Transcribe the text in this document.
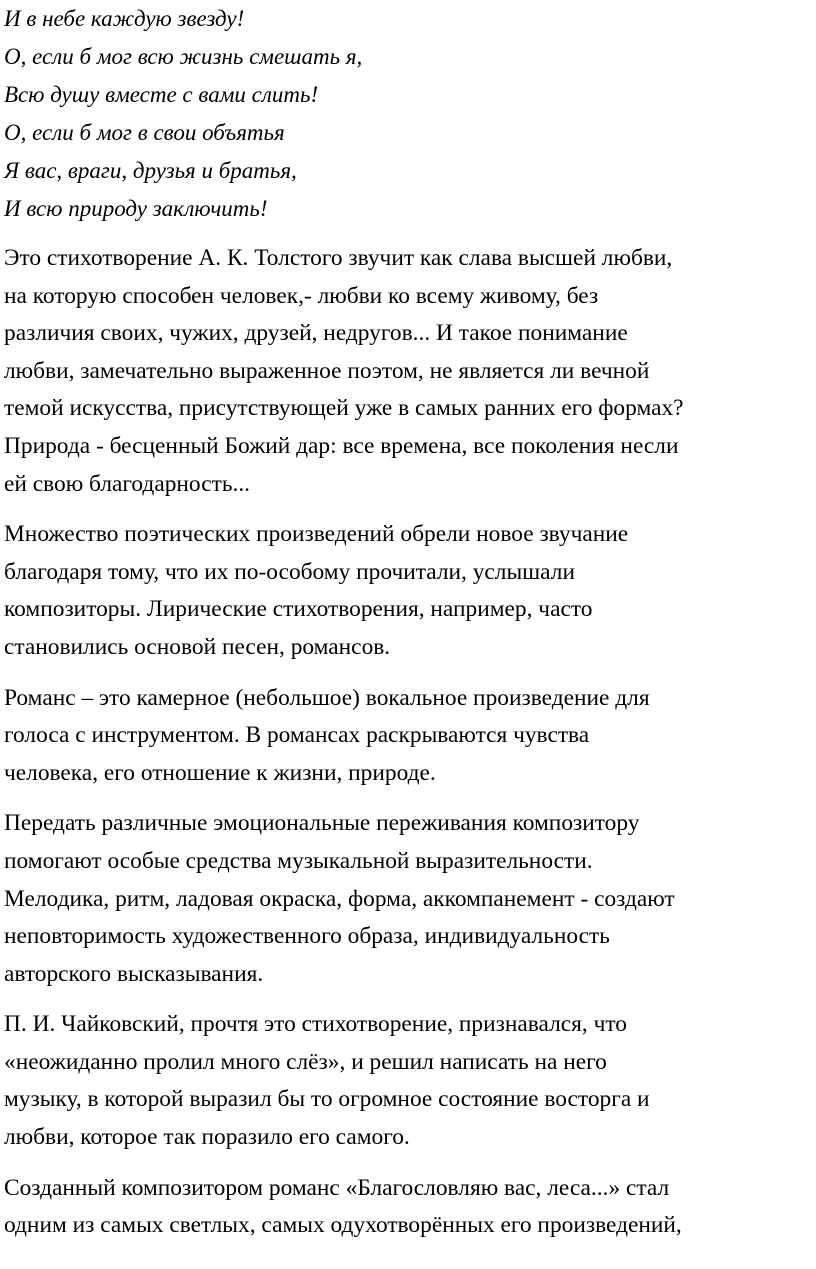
И в небе каждую звезду!
О, если б мог всю жизнь смешать я,
Всю душу вместе с вами слить!
О, если б мог в свои объятья
Я вас, враги, друзья и братья,
И всю природу заключить!
Это стихотворение А. К. Толстого звучит как слава высшей любви,
на которую способен человек,- любви ко всему живому, без
различия своих, чужих, друзей, недругов... И такое понимание
любви, замечательно выраженное поэтом, не является ли вечной
темой искусства, присутствующей уже в самых ранних его формах?
Природа - бесценный Божий дар: все времена, все поколения несли
ей свою благодарность...
Множество поэтических произведений обрели новое звучание
благодаря тому, что их по-особому прочитали, услышали
композиторы. Лирические стихотворения, например, часто
становились основой песен, романсов.
Романс – это камерное (небольшое) вокальное произведение для
голоса с инструментом. В романсах раскрываются чувства
человека, его отношение к жизни, природе.
Передать различные эмоциональные переживания композитору
помогают особые средства музыкальной выразительности.
Мелодика, ритм, ладовая окраска, форма, аккомпанемент - создают
неповторимость художественного образа, индивидуальность
авторского высказывания.
П. И. Чайковский, прочтя это стихотворение, признавался, что
«неожиданно пролил много слёз», и решил написать на него
музыку, в которой выразил бы то огромное состояние восторга и
любви, которое так поразило его самого.
Созданный композитором романс «Благословляю вас, леса...» стал
одним из самых светлых, самых одухотворённых его произведений,
